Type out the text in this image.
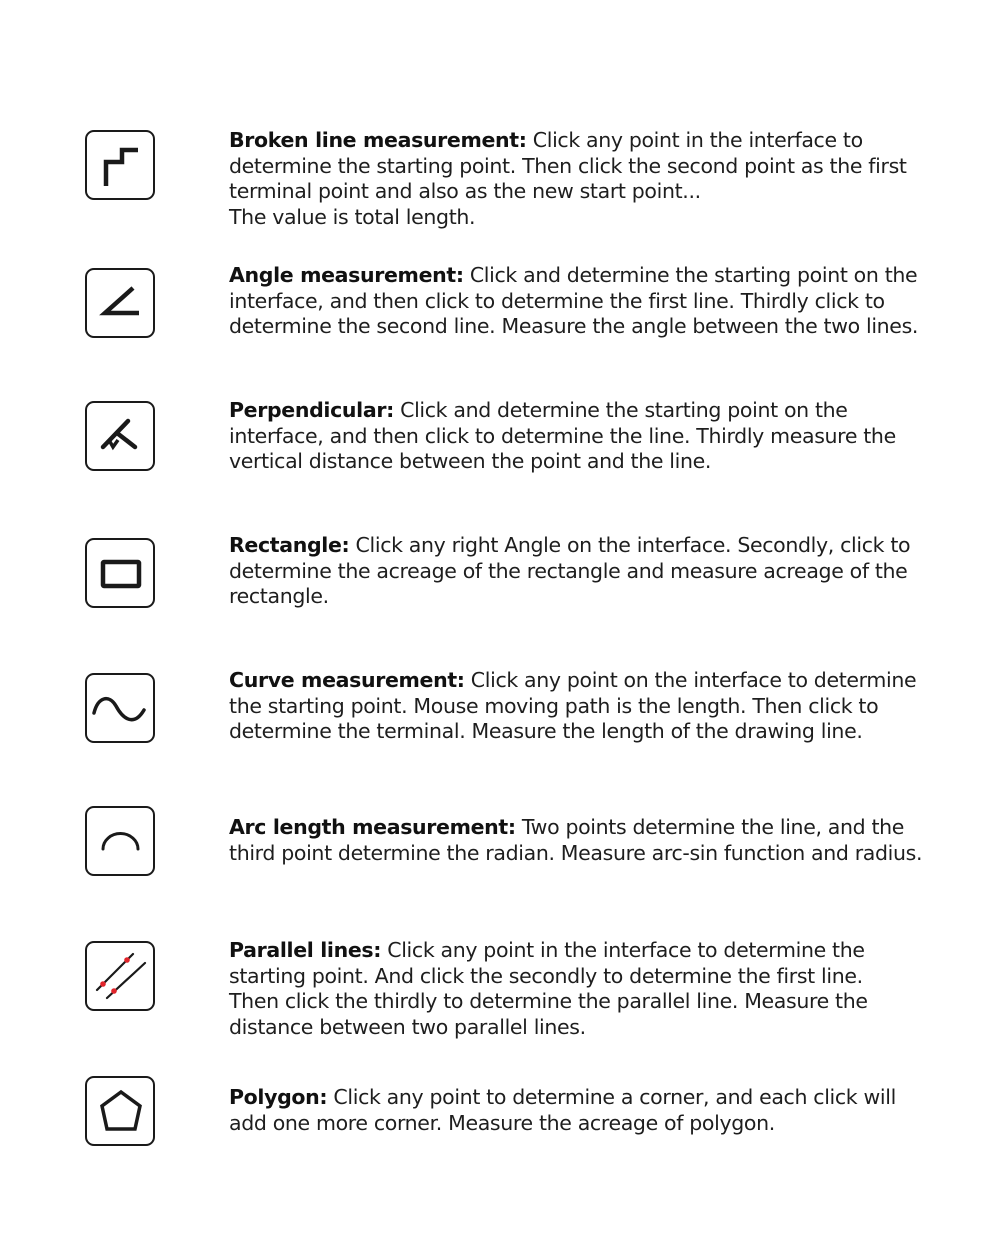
Broken line measurement: Click any point in the interface to
determine the starting point. Then click the second point as the first
terminal point and also as the new start point...
The value is total length.

Angle measurement: Click and determine the starting point on the
interface, and then click to determine the first line. Thirdly click to
determine the second line. Measure the angle between the two lines.

Perpendicular: Click and determine the starting point on the
interface, and then click to determine the line. Thirdly measure the
vertical distance between the point and the line.

Rectangle: Click any right Angle on the interface. Secondly, click to
determine the acreage of the rectangle and measure acreage of the
rectangle.

Curve measurement: Click any point on the interface to determine
the starting point. Mouse moving path is the length. Then click to
determine the terminal. Measure the length of the drawing line.

Arc length measurement: Two points determine the line, and the
third point determine the radian. Measure arc-sin function and radius.

Parallel lines: Click any point in the interface to determine the
starting point. And click the secondly to determine the first line.
Then click the thirdly to determine the parallel line. Measure the
distance between two parallel lines.

Polygon: Click any point to determine a corner, and each click will
add one more corner. Measure the acreage of polygon.
